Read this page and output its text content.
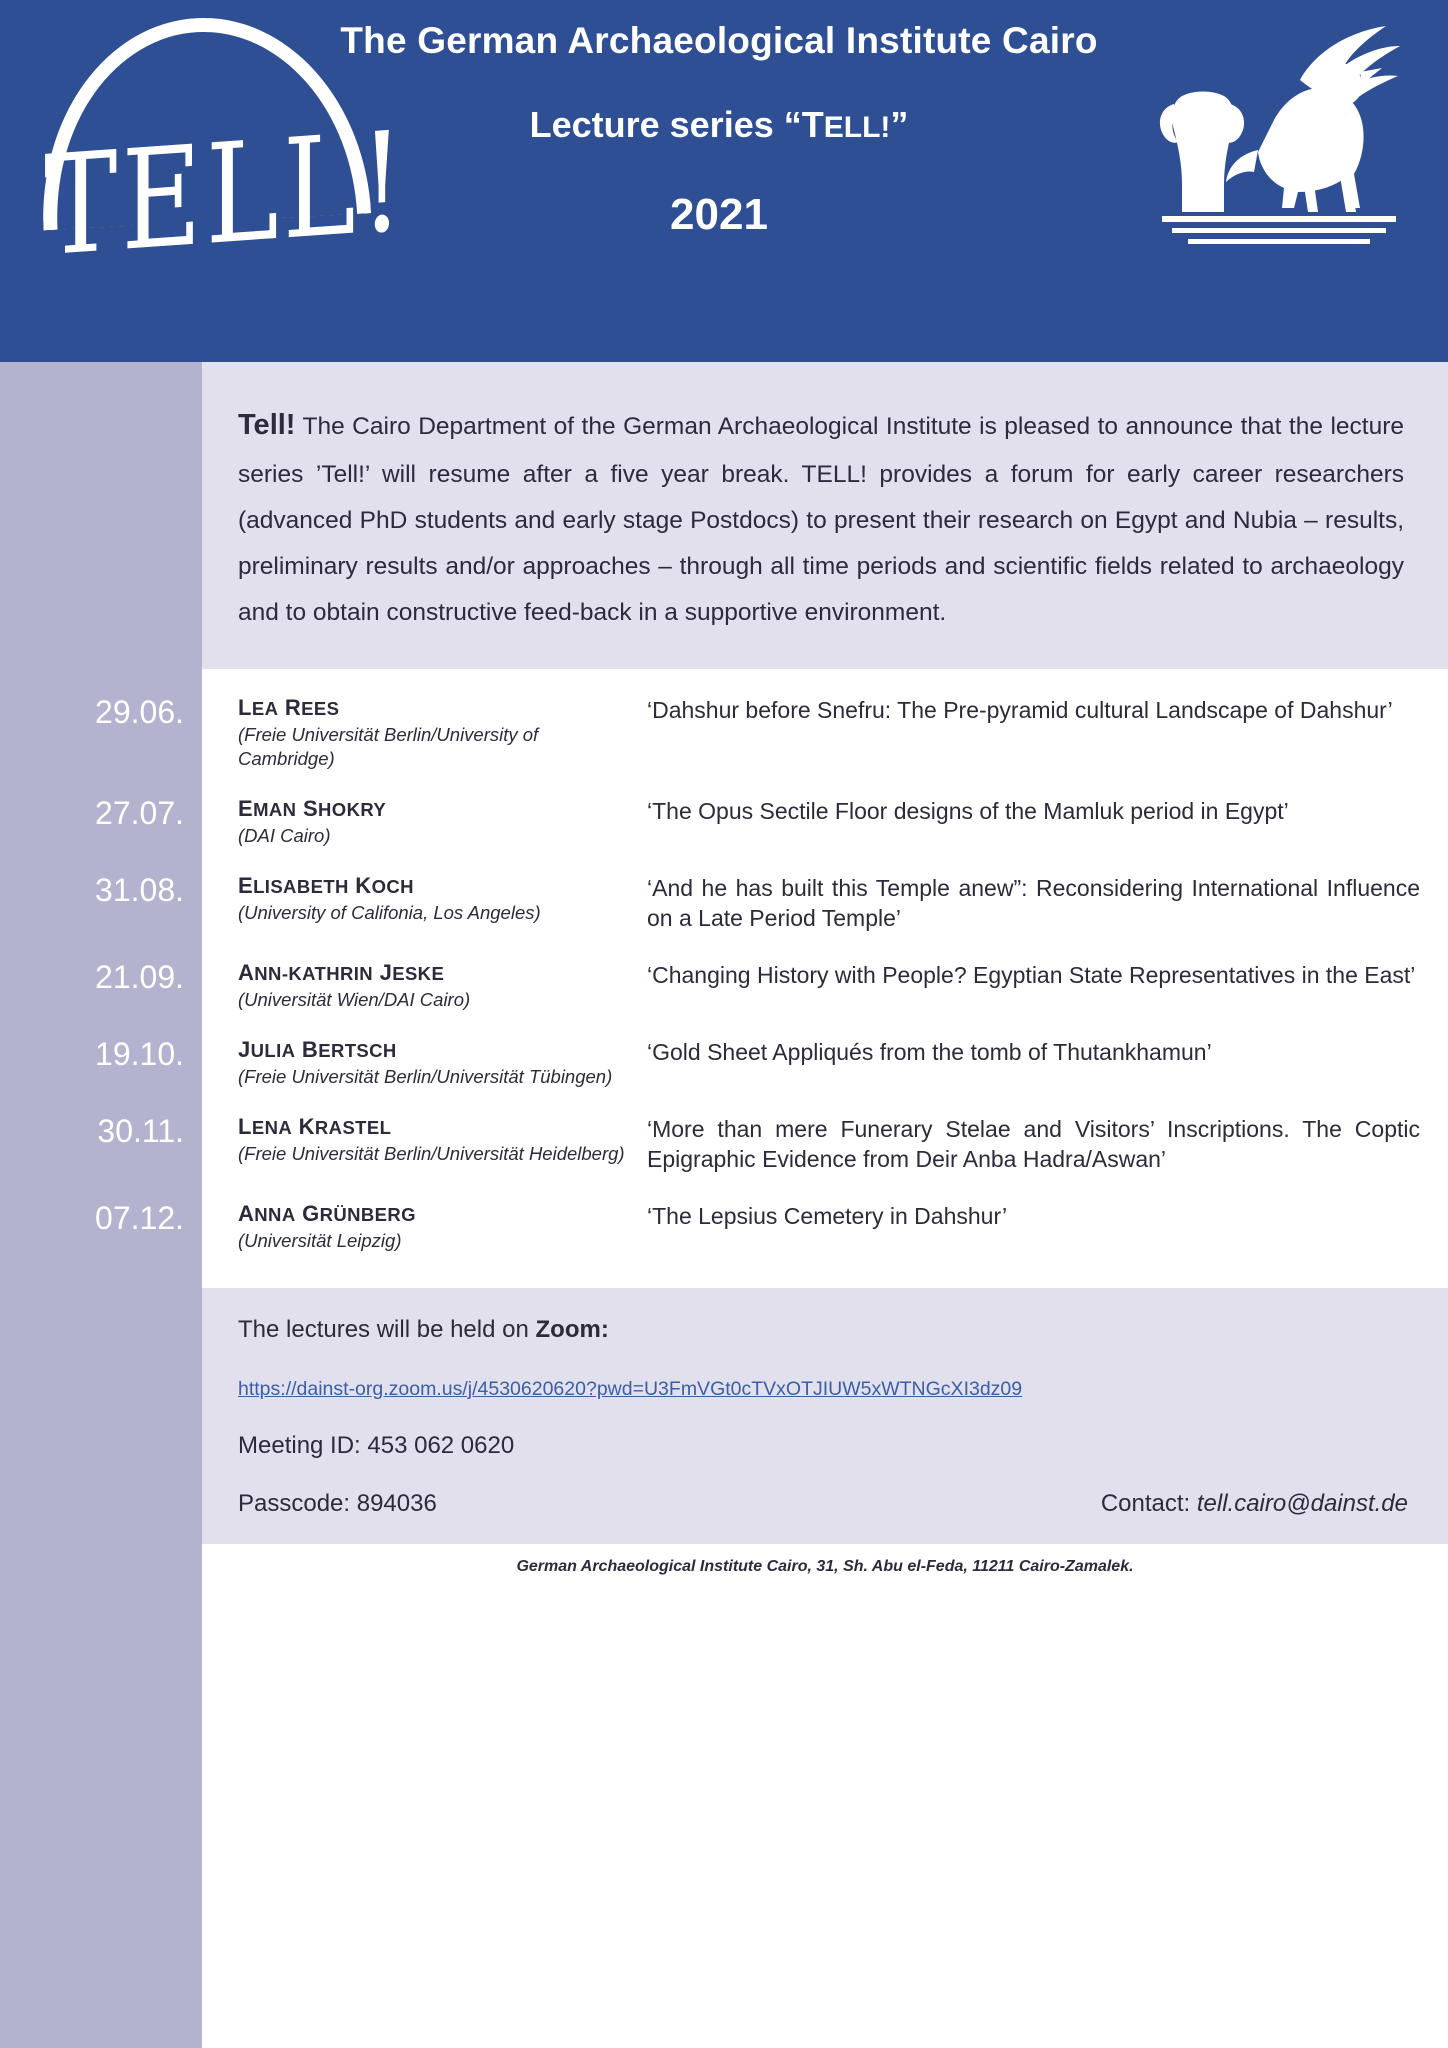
TELL!
The German Archaeological Institute Cairo
Lecture series “TELL!”
2021
Tell! The Cairo Department of the German Archaeological Institute is pleased to announce that the lecture series ’Tell!’ will resume after a five year break. TELL! provides a forum for early career researchers (advanced PhD students and early stage Postdocs) to present their research on Egypt and Nubia – results, preliminary results and/or approaches – through all time periods and scientific fields related to archaeology and to obtain constructive feed-back in a supportive environment.
29.06. LEA REES
(Freie Universität Berlin/University of Cambridge)
‘Dahshur before Snefru: The Pre-pyramid cultural Landscape of Dahshur’
27.07. EMAN SHOKRY
(DAI Cairo)
‘The Opus Sectile Floor designs of the Mamluk period in Egypt’
31.08. ELISABETH KOCH
(University of Califonia, Los Angeles)
‘And he has built this Temple anew”: Reconsidering International Influence on a Late Period Temple’
21.09. ANN-KATHRIN JESKE
(Universität Wien/DAI Cairo)
‘Changing History with People? Egyptian State Representatives in the East’
19.10. JULIA BERTSCH
(Freie Universität Berlin/Universität Tübingen)
‘Gold Sheet Appliqués from the tomb of Thutankhamun’
30.11. LENA KRASTEL
(Freie Universität Berlin/Universität Heidelberg)
‘More than mere Funerary Stelae and Visitors’ Inscriptions. The Coptic Epigraphic Evidence from Deir Anba Hadra/Aswan’
07.12. ANNA GRÜNBERG
(Universität Leipzig)
‘The Lepsius Cemetery in Dahshur’
The lectures will be held on Zoom:
https://dainst-org.zoom.us/j/4530620620?pwd=U3FmVGt0cTVxOTJIUW5xWTNGcXI3dz09
Meeting ID: 453 062 0620
Passcode: 894036	Contact: tell.cairo@dainst.de
German Archaeological Institute Cairo, 31, Sh. Abu el-Feda, 11211 Cairo-Zamalek.
